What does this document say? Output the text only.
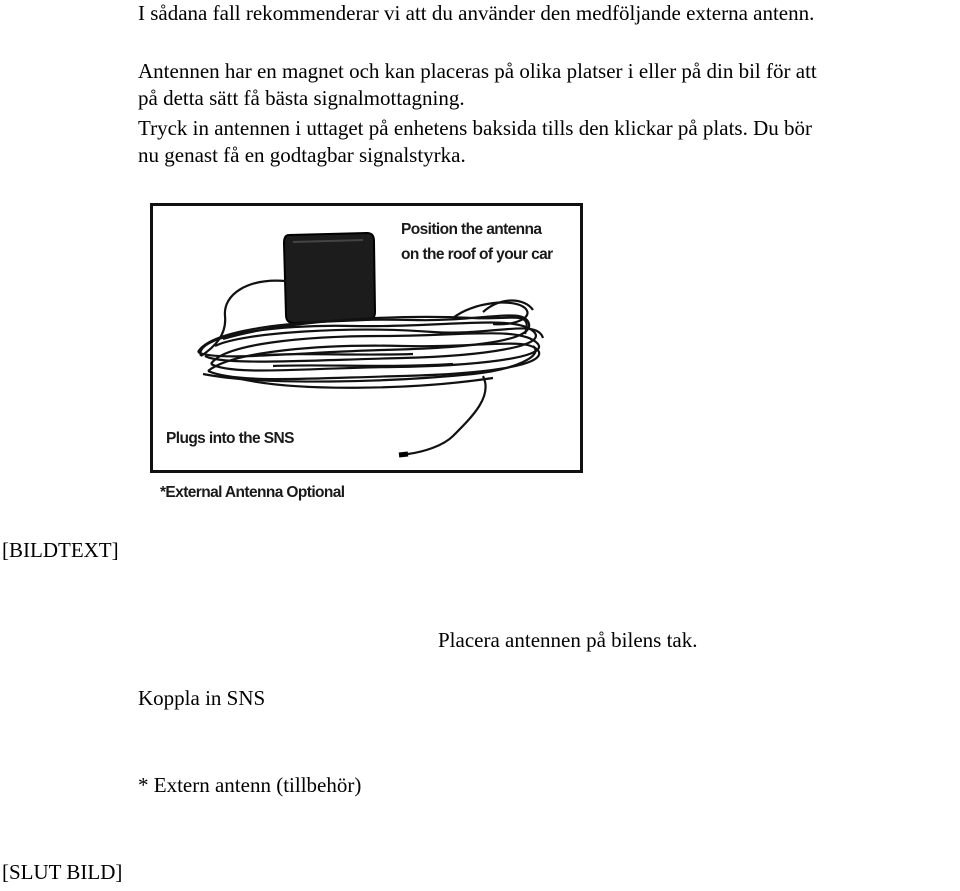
I sådana fall rekommenderar vi att du använder den medföljande externa antenn.

Antennen har en magnet och kan placeras på olika platser i eller på din bil för att
på detta sätt få bästa signalmottagning.

Tryck in antennen i uttaget på enhetens baksida tills den klickar på plats. Du bör
nu genast få en godtagbar signalstyrka.

Position the antenna
on the roof of your car
Plugs into the SNS
*External Antenna Optional
[BILDTEXT]
Placera antennen på bilens tak.
Koppla in SNS
* Extern antenn (tillbehör)
[SLUT BILD]
